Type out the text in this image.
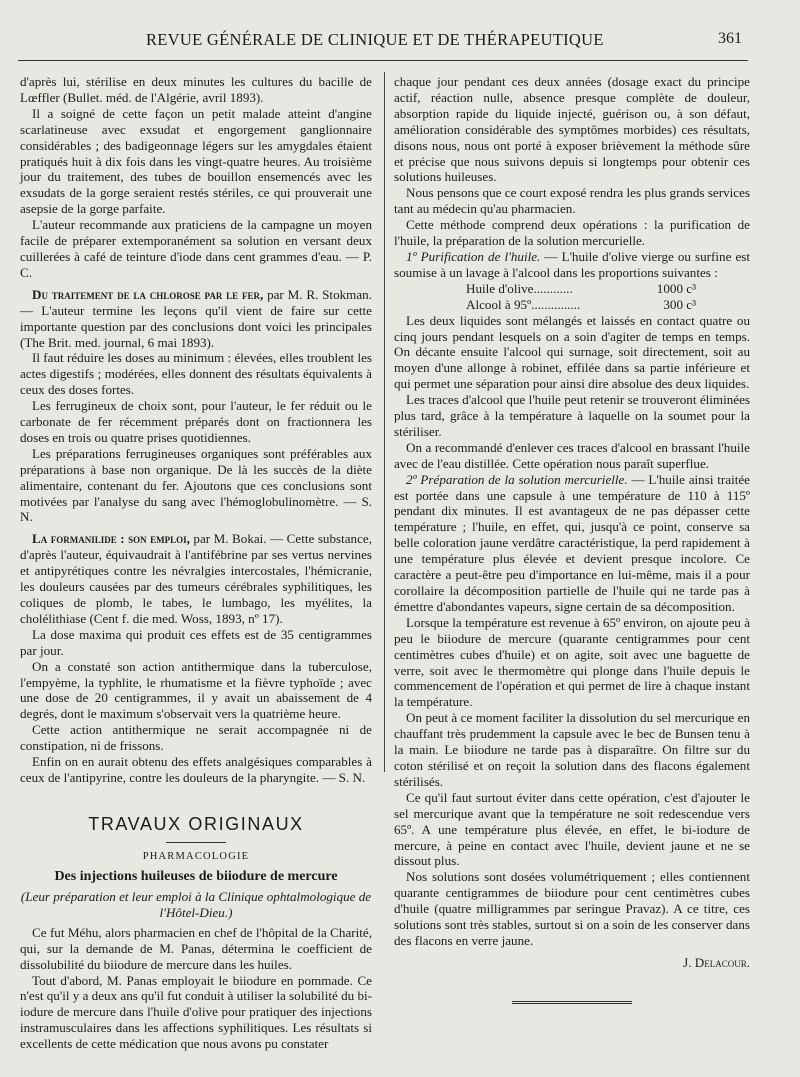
REVUE GÉNÉRALE DE CLINIQUE ET DE THÉRAPEUTIQUE	361

d'après lui, stérilise en deux minutes les cultures du bacille de Lœffler (Bullet. méd. de l'Algérie, avril 1893).

Il a soigné de cette façon un petit malade atteint d'angine scarlatineuse avec exsudat et engorgement ganglionnaire considérables ; des badigeonnage légers sur les amygdales étaient pratiqués huit à dix fois dans les vingt-quatre heures. Au troisième jour du traitement, des tubes de bouillon ensemencés avec les exsudats de la gorge seraient restés stériles, ce qui prouverait une asepsie de la gorge parfaite.

L'auteur recommande aux praticiens de la campagne un moyen facile de préparer extemporanément sa solution en versant deux cuillerées à café de teinture d'iode dans cent grammes d'eau. — P. C.

Du traitement de la chlorose par le fer, par M. R. Stokman. — L'auteur termine les leçons qu'il vient de faire sur cette importante question par des conclusions dont voici les principales (The Brit. med. journal, 6 mai 1893).

Il faut réduire les doses au minimum : élevées, elles troublent les actes digestifs ; modérées, elles donnent des résultats équivalents à ceux des doses fortes.

Les ferrugineux de choix sont, pour l'auteur, le fer réduit ou le carbonate de fer récemment préparés dont on fractionnera les doses en trois ou quatre prises quotidiennes.

Les préparations ferrugineuses organiques sont préférables aux préparations à base non organique. De là les succès de la diète alimentaire, contenant du fer. Ajoutons que ces conclusions sont motivées par l'analyse du sang avec l'hémoglobulinomètre. — S. N.

La formanilide : son emploi, par M. Bokai. — Cette substance, d'après l'auteur, équivaudrait à l'antifébrine par ses vertus nervines et antipyrétiques contre les névralgies intercostales, l'hémicranie, les douleurs causées par des tumeurs cérébrales syphilitiques, les coliques de plomb, le tabes, le lumbago, les myélites, la cholélithiase (Cent f. die med. Woss, 1893, nº 17).

La dose maxima qui produit ces effets est de 35 centigrammes par jour.

On a constaté son action antithermique dans la tuberculose, l'empyème, la typhlite, le rhumatisme et la fièvre typhoïde ; avec une dose de 20 centigrammes, il y avait un abaissement de 4 degrés, dont le maximum s'observait vers la quatrième heure.

Cette action antithermique ne serait accompagnée ni de constipation, ni de frissons.

Enfin on en aurait obtenu des effets analgésiques comparables à ceux de l'antipyrine, contre les douleurs de la pharyngite. — S. N.

TRAVAUX ORIGINAUX
PHARMACOLOGIE
Des injections huileuses de biiodure de mercure
(Leur préparation et leur emploi à la Clinique ophtalmologique de l'Hôtel-Dieu.)

Ce fut Méhu, alors pharmacien en chef de l'hôpital de la Charité, qui, sur la demande de M. Panas, détermina le coefficient de dissolubilité du biiodure de mercure dans les huiles.

Tout d'abord, M. Panas employait le biiodure en pommade. Ce n'est qu'il y a deux ans qu'il fut conduit à utiliser la solubilité du bi-iodure de mercure dans l'huile d'olive pour pratiquer des injections instramusculaires dans les affections syphilitiques. Les résultats si excellents de cette médication que nous avons pu constater

chaque jour pendant ces deux années (dosage exact du principe actif, réaction nulle, absence presque complète de douleur, absorption rapide du liquide injecté, guérison ou, à son défaut, amélioration considérable des symptômes morbides) ces résultats, disons nous, nous ont porté à exposer brièvement la méthode sûre et précise que nous suivons depuis si longtemps pour obtenir ces solutions huileuses.

Nous pensons que ce court exposé rendra les plus grands services tant au médecin qu'au pharmacien.

Cette méthode comprend deux opérations : la purification de l'huile, la préparation de la solution mercurielle.

1º Purification de l'huile. — L'huile d'olive vierge ou surfine est soumise à un lavage à l'alcool dans les proportions suivantes :

Huile d'olive............	1000 c³
Alcool à 95º...............	300 c³

Les deux liquides sont mélangés et laissés en contact quatre ou cinq jours pendant lesquels on a soin d'agiter de temps en temps. On décante ensuite l'alcool qui surnage, soit directement, soit au moyen d'une allonge à robinet, effilée dans sa partie inférieure et qui permet une séparation pour ainsi dire absolue des deux liquides.

Les traces d'alcool que l'huile peut retenir se trouveront éliminées plus tard, grâce à la température à laquelle on la soumet pour la stériliser.

On a recommandé d'enlever ces traces d'alcool en brassant l'huile avec de l'eau distillée. Cette opération nous paraît superflue.

2º Préparation de la solution mercurielle. — L'huile ainsi traitée est portée dans une capsule à une température de 110 à 115º pendant dix minutes. Il est avantageux de ne pas dépasser cette température ; l'huile, en effet, qui, jusqu'à ce point, conserve sa belle coloration jaune verdâtre caractéristique, la perd rapidement à une température plus élevée et devient presque incolore. Ce caractère a peut-être peu d'importance en lui-même, mais il a pour corollaire la décomposition partielle de l'huile qui ne tarde pas à émettre d'abondantes vapeurs, signe certain de sa décomposition.

Lorsque la température est revenue à 65º environ, on ajoute peu à peu le biiodure de mercure (quarante centigrammes pour cent centimètres cubes d'huile) et on agite, soit avec une baguette de verre, soit avec le thermomètre qui plonge dans l'huile depuis le commencement de l'opération et qui permet de lire à chaque instant la température.

On peut à ce moment faciliter la dissolution du sel mercurique en chauffant très prudemment la capsule avec le bec de Bunsen tenu à la main. Le biiodure ne tarde pas à disparaître. On filtre sur du coton stérilisé et on reçoit la solution dans des flacons également stérilisés.

Ce qu'il faut surtout éviter dans cette opération, c'est d'ajouter le sel mercurique avant que la température ne soit redescendue vers 65º. A une température plus élevée, en effet, le bi-iodure de mercure, à peine en contact avec l'huile, devient jaune et ne se dissout plus.

Nos solutions sont dosées volumétriquement ; elles contiennent quarante centigrammes de biiodure pour cent centimètres cubes d'huile (quatre milligrammes par seringue Pravaz). A ce titre, ces solutions sont très stables, surtout si on a soin de les conserver dans des flacons en verre jaune.

J. Delacour.
